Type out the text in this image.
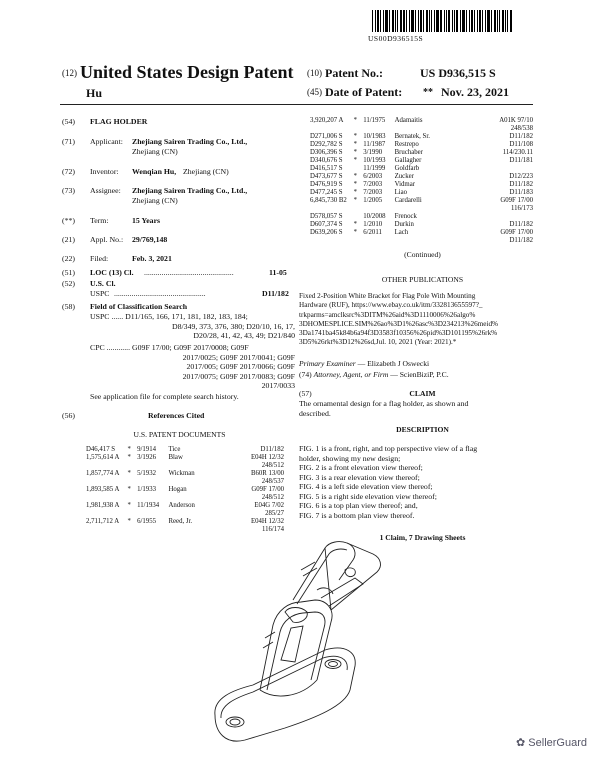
US00D936515S
(12) United States Design Patent
Hu
(10) Patent No.:	US D936,515 S
(45) Date of Patent: ** Nov. 23, 2021
(54) FLAG HOLDER
(71) Applicant: Zhejiang Sairen Trading Co., Ltd.,
Zhejiang (CN)
(72) Inventor: Wenqian Hu, Zhejiang (CN)
(73) Assignee: Zhejiang Sairen Trading Co., Ltd.,
Zhejiang (CN)
(**) Term:	15 Years
(21) Appl. No.: 29/769,148
(22) Filed:	Feb. 3, 2021
(51) LOC (13) Cl. ..............................................	11-05
(52) U.S. Cl.
USPC ...............................................	D11/182
(58) Field of Classification Search
USPC ...... D11/165, 166, 171, 181, 182, 183, 184;
D8/349, 373, 376, 380; D20/10, 16, 17,
D20/28, 41, 42, 43, 49; D21/840
CPC ............ G09F 17/00; G09F 2017/0008; G09F
2017/0025; G09F 2017/0041; G09F
2017/005; G09F 2017/0066; G09F
2017/0075; G09F 2017/0083; G09F
2017/0033
See application file for complete search history.
(56)	References Cited
U.S. PATENT DOCUMENTS
D46,417 S	*	9/1914	Tice	D11/182
1,575,614 A	*	3/1926	Blaw	E04H 12/32
248/512
1,857,774 A	*	5/1932	Wickman	B60R 13/00
248/537
1,893,585 A	*	1/1933	Hogan	G09F 17/00
248/512
1,981,938 A	*	11/1934	Anderson	E04G 7/02
285/27
2,711,712 A	*	6/1955	Reed, Jr.	E04H 12/32
116/174
3,920,207 A	*	11/1975	Adamaitis	A01K 97/10
248/538
D271,006 S	*	10/1983	Bernatek, Sr.	D11/182
D292,782 S	*	11/1987	Restrepo	D11/108
D306,396 S	*	3/1990	Bruchaber	114/230.11
D340,676 S	*	10/1993	Gallagher	D11/181
D416,517 S		11/1999	Goldfarb	
D473,677 S	*	6/2003	Zucker	D12/223
D476,919 S	*	7/2003	Vidmar	D11/182
D477,245 S	*	7/2003	Liao	D11/183
6,845,730 B2	*	1/2005	Cardarelli	G09F 17/00
116/173
D578,057 S		10/2008	Frenock	
D607,374 S	*	1/2010	Durkin	D11/182
D639,206 S	*	6/2011	Lach	G09F 17/00
D11/182
(Continued)
OTHER PUBLICATIONS
Fixed 2-Position White Bracket for Flag Pole With Mounting
Hardware (RUF), https://www.ebay.co.uk/itm/332813655597?_
trkparms=amclksrc%3DITM%26aid%3D1110006%26algo%
3DHOMESPLICE.SIM%26ao%3D1%26asc%3D234213%26meid%
3Da1741ba45k84b6a94f3D3583f10356%26pid%3D101195%26rk%
3D5%26rkt%3D12%26sd,Jul. 10, 2021 (Year: 2021).*
Primary Examiner — Elizabeth J Oswecki
(74) Attorney, Agent, or Firm — ScienBiziP, P.C.
(57)	CLAIM
The ornamental design for a flag holder, as shown and
described.
DESCRIPTION
FIG. 1 is a front, right, and top perspective view of a flag
holder, showing my new design;
FIG. 2 is a front elevation view thereof;
FIG. 3 is a rear elevation view thereof;
FIG. 4 is a left side elevation view thereof;
FIG. 5 is a right side elevation view thereof;
FIG. 6 is a top plan view thereof; and,
FIG. 7 is a bottom plan view thereof.
1 Claim, 7 Drawing Sheets
✿ SellerGuard
